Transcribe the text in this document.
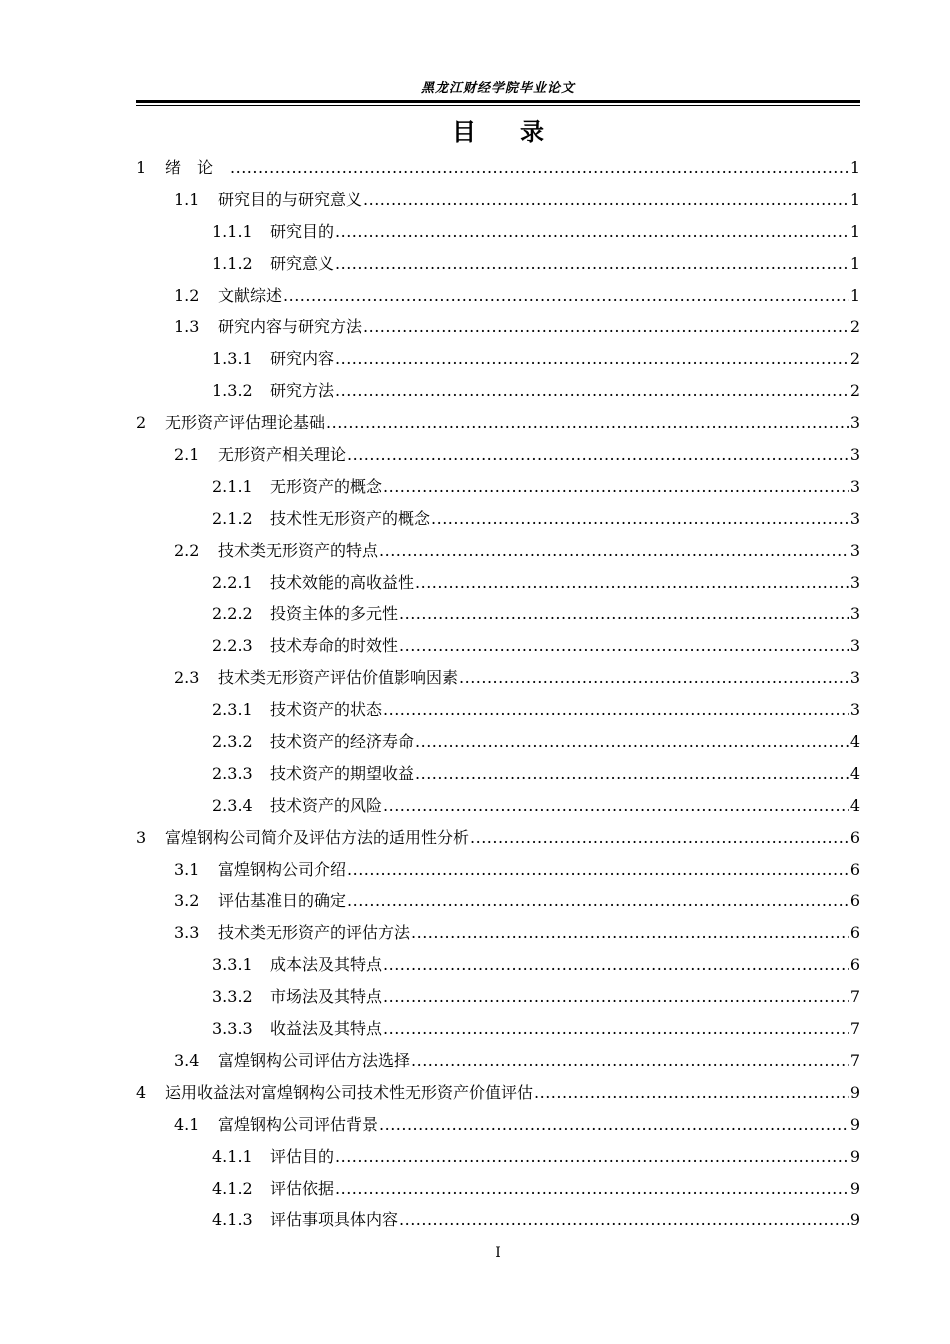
黑龙江财经学院毕业论文
目录
1	绪论 .....	1
1.1	研究目的与研究意义 .....	1
1.1.1	研究目的 .....	1
1.1.2	研究意义 .....	1
1.2	文献综述 .....	1
1.3	研究内容与研究方法 .....	2
1.3.1	研究内容 .....	2
1.3.2	研究方法 .....	2
2	无形资产评估理论基础 .....	3
2.1	无形资产相关理论 .....	3
2.1.1	无形资产的概念 .....	3
2.1.2	技术性无形资产的概念 .....	3
2.2	技术类无形资产的特点 .....	3
2.2.1	技术效能的高收益性 .....	3
2.2.2	投资主体的多元性 .....	3
2.2.3	技术寿命的时效性 .....	3
2.3	技术类无形资产评估价值影响因素 .....	3
2.3.1	技术资产的状态 .....	3
2.3.2	技术资产的经济寿命 .....	4
2.3.3	技术资产的期望收益 .....	4
2.3.4	技术资产的风险 .....	4
3	富煌钢构公司简介及评估方法的适用性分析 .....	6
3.1	富煌钢构公司介绍 .....	6
3.2	评估基准日的确定 .....	6
3.3	技术类无形资产的评估方法 .....	6
3.3.1	成本法及其特点 .....	6
3.3.2	市场法及其特点 .....	7
3.3.3	收益法及其特点 .....	7
3.4	富煌钢构公司评估方法选择 .....	7
4	运用收益法对富煌钢构公司技术性无形资产价值评估 .....	9
4.1	富煌钢构公司评估背景 .....	9
4.1.1	评估目的 .....	9
4.1.2	评估依据 .....	9
4.1.3	评估事项具体内容 .....	9
I
